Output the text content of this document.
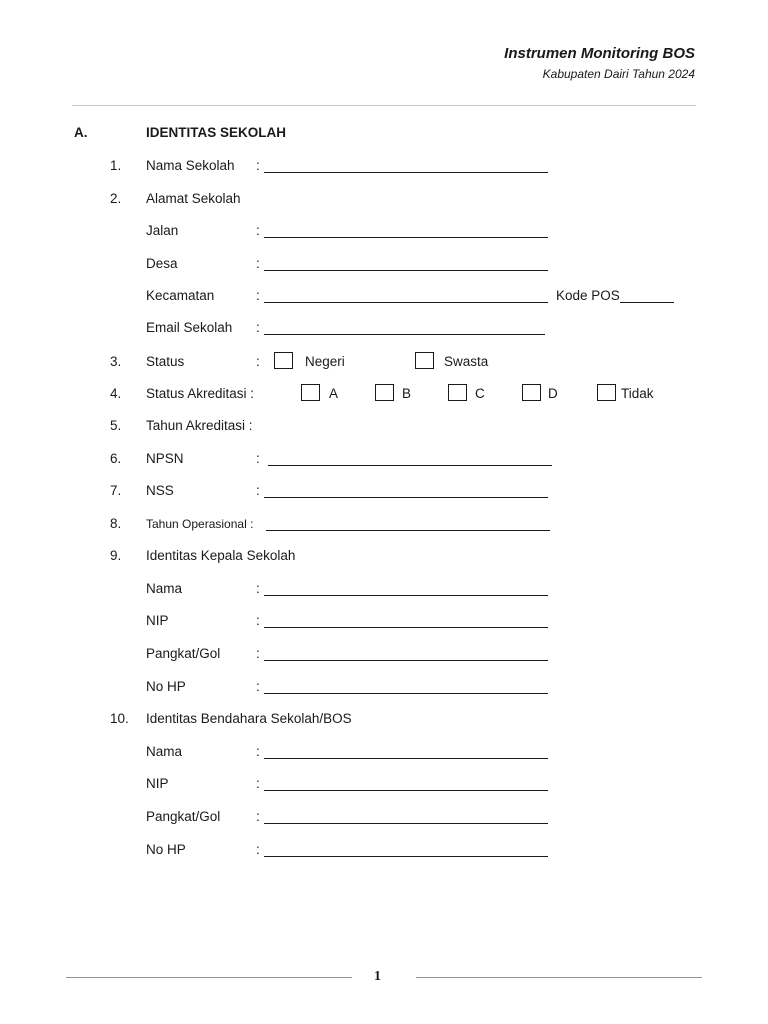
Instrumen Monitoring BOS
Kabupaten Dairi Tahun 2024
A.	IDENTITAS SEKOLAH
1. Nama Sekolah :
2. Alamat Sekolah
Jalan	:
Desa	:
Kecamatan	:	Kode POS
Email Sekolah :
3. Status	:	Negeri	Swasta
4. Status Akreditasi :	A	B	C	D	Tidak
5. Tahun Akreditasi :
6. NPSN	:
7. NSS	:
8. Tahun Operasional :
9. Identitas Kepala Sekolah
Nama	:
NIP	:
Pangkat/Gol	:
No HP	:
10. Identitas Bendahara Sekolah/BOS
Nama	:
NIP	:
Pangkat/Gol	:
No HP	:
1
